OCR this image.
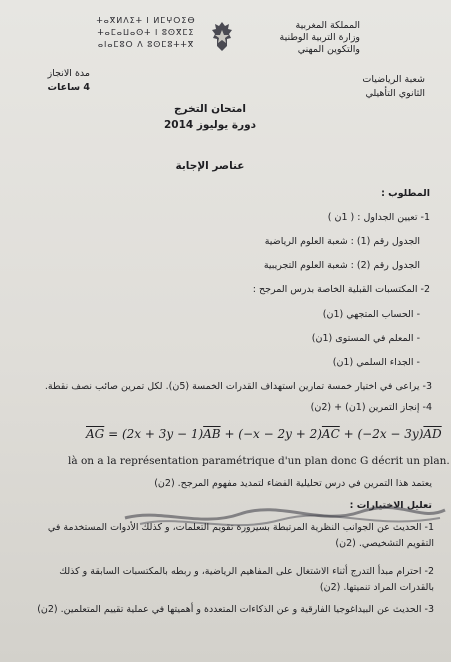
ⵜⴰⴳⵍⴷⵉⵜ ⵏ ⵍⵎⵖⵔⵉⴱ
ⵜⴰⵎⴰⵡⴰⵙⵜ ⵏ ⵓⵙⴳⵎⵉ
ⴰⵏⴰⵎⵓⵔ ⴷ ⵓⵙⵎⵓⵜⵜⴳ
مدة الانجاز
4 ساعات
المملكة المغربية
وزارة التربية الوطنية
والتكوين المهني
شعبة الرياضيات
الثانوي التأهيلي
امتحان التخرج
دورة يوليوز 2014
عناصر الإجابة
المطلوب :
1- تعيين الجداول : ( 1ن )
الجدول رقم (1) : شعبة العلوم الرياضية
الجدول رقم (2) : شعبة العلوم التجريبية
2- المكتسبات القبلية الخاصة بدرس المرجح :
- الحساب المتجهي (1ن)
- المعلم في المستوى (1ن)
- الجداء السلمي (1ن)
3- يراعى في اختيار خمسة تمارين استهداف القدرات الخمسة (5ن). لكل تمرين صائب نصف نقطة.
4- إنجاز التمرين (1ن) + (2ن)
$\overline{AG} = (2x + 3y - 1)\overline{AB} + (-x - 2y + 2)\overline{AC} + (-2x - 3y)\overline{AD}$
là on a la représentation paramétrique d'un plan donc G décrit un plan.
يعتمد هذا التمرين في درس تحليلية الفضاء لتمديد مفهوم المرجح. (2ن)
تعليل الاختيارات :
1- الحديث عن الجوانب النظرية المرتبطة بسيرورة تقويم التعلمات، و كذلك الأدوات المستخدمة في
التقويم التشخيصي. (2ن)
2- احترام مبدأ التدرج أثناء الاشتغال على المفاهيم الرياضية، و ربطه بالمكتسبات السابقة و كذلك
بالقدرات المراد تنميتها. (2ن)
3- الحديث عن البيداغوجيا الفارقية و عن الذكاءات المتعددة و أهميتها في عملية تقييم المتعلمين. (2ن)
